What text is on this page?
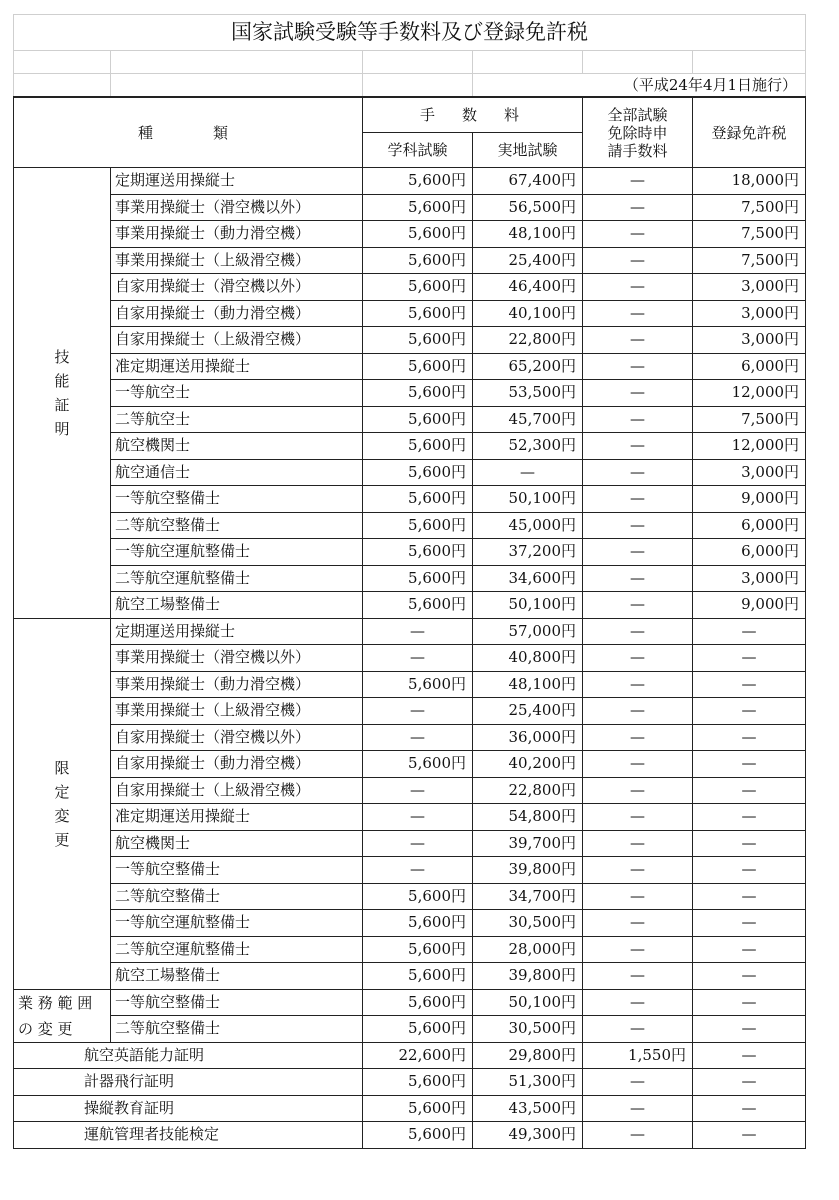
国家試験受験等手数料及び登録免許税					

			（平成24年4月1日施行）		
種　　類		手　数　料		全部試験
免除時申
請手数料	登録免許税
		学科試験	実地試験		

技
能
証
明	定期運送用操縦士	5,600円	67,400円	—	18,000円
	事業用操縦士（滑空機以外）	5,600円	56,500円	—	7,500円
	事業用操縦士（動力滑空機）	5,600円	48,100円	—	7,500円
	事業用操縦士（上級滑空機）	5,600円	25,400円	—	7,500円
	自家用操縦士（滑空機以外）	5,600円	46,400円	—	3,000円
	自家用操縦士（動力滑空機）	5,600円	40,100円	—	3,000円
	自家用操縦士（上級滑空機）	5,600円	22,800円	—	3,000円
	准定期運送用操縦士	5,600円	65,200円	—	6,000円
	一等航空士	5,600円	53,500円	—	12,000円
	二等航空士	5,600円	45,700円	—	7,500円
	航空機関士	5,600円	52,300円	—	12,000円
	航空通信士	5,600円	—	—	3,000円
	一等航空整備士	5,600円	50,100円	—	9,000円
	二等航空整備士	5,600円	45,000円	—	6,000円
	一等航空運航整備士	5,600円	37,200円	—	6,000円
	二等航空運航整備士	5,600円	34,600円	—	3,000円
	航空工場整備士	5,600円	50,100円	—	9,000円

限
定
変
更	定期運送用操縦士	—	57,000円	—	—
	事業用操縦士（滑空機以外）	—	40,800円	—	—
	事業用操縦士（動力滑空機）	5,600円	48,100円	—	—
	事業用操縦士（上級滑空機）	—	25,400円	—	—
	自家用操縦士（滑空機以外）	—	36,000円	—	—
	自家用操縦士（動力滑空機）	5,600円	40,200円	—	—
	自家用操縦士（上級滑空機）	—	22,800円	—	—
	准定期運送用操縦士	—	54,800円	—	—
	航空機関士	—	39,700円	—	—
	一等航空整備士	—	39,800円	—	—
	二等航空整備士	5,600円	34,700円	—	—
	一等航空運航整備士	5,600円	30,500円	—	—
	二等航空運航整備士	5,600円	28,000円	—	—
	航空工場整備士	5,600円	39,800円	—	—

業 務 範 囲
の 変 更	一等航空整備士	5,600円	50,100円	—	—
	二等航空整備士	5,600円	30,500円	—	—
航空英語能力証明		22,600円	29,800円	1,550円	—
計器飛行証明		5,600円	51,300円	—	—
操縦教育証明		5,600円	43,500円	—	—
運航管理者技能検定		5,600円	49,300円	—	—
